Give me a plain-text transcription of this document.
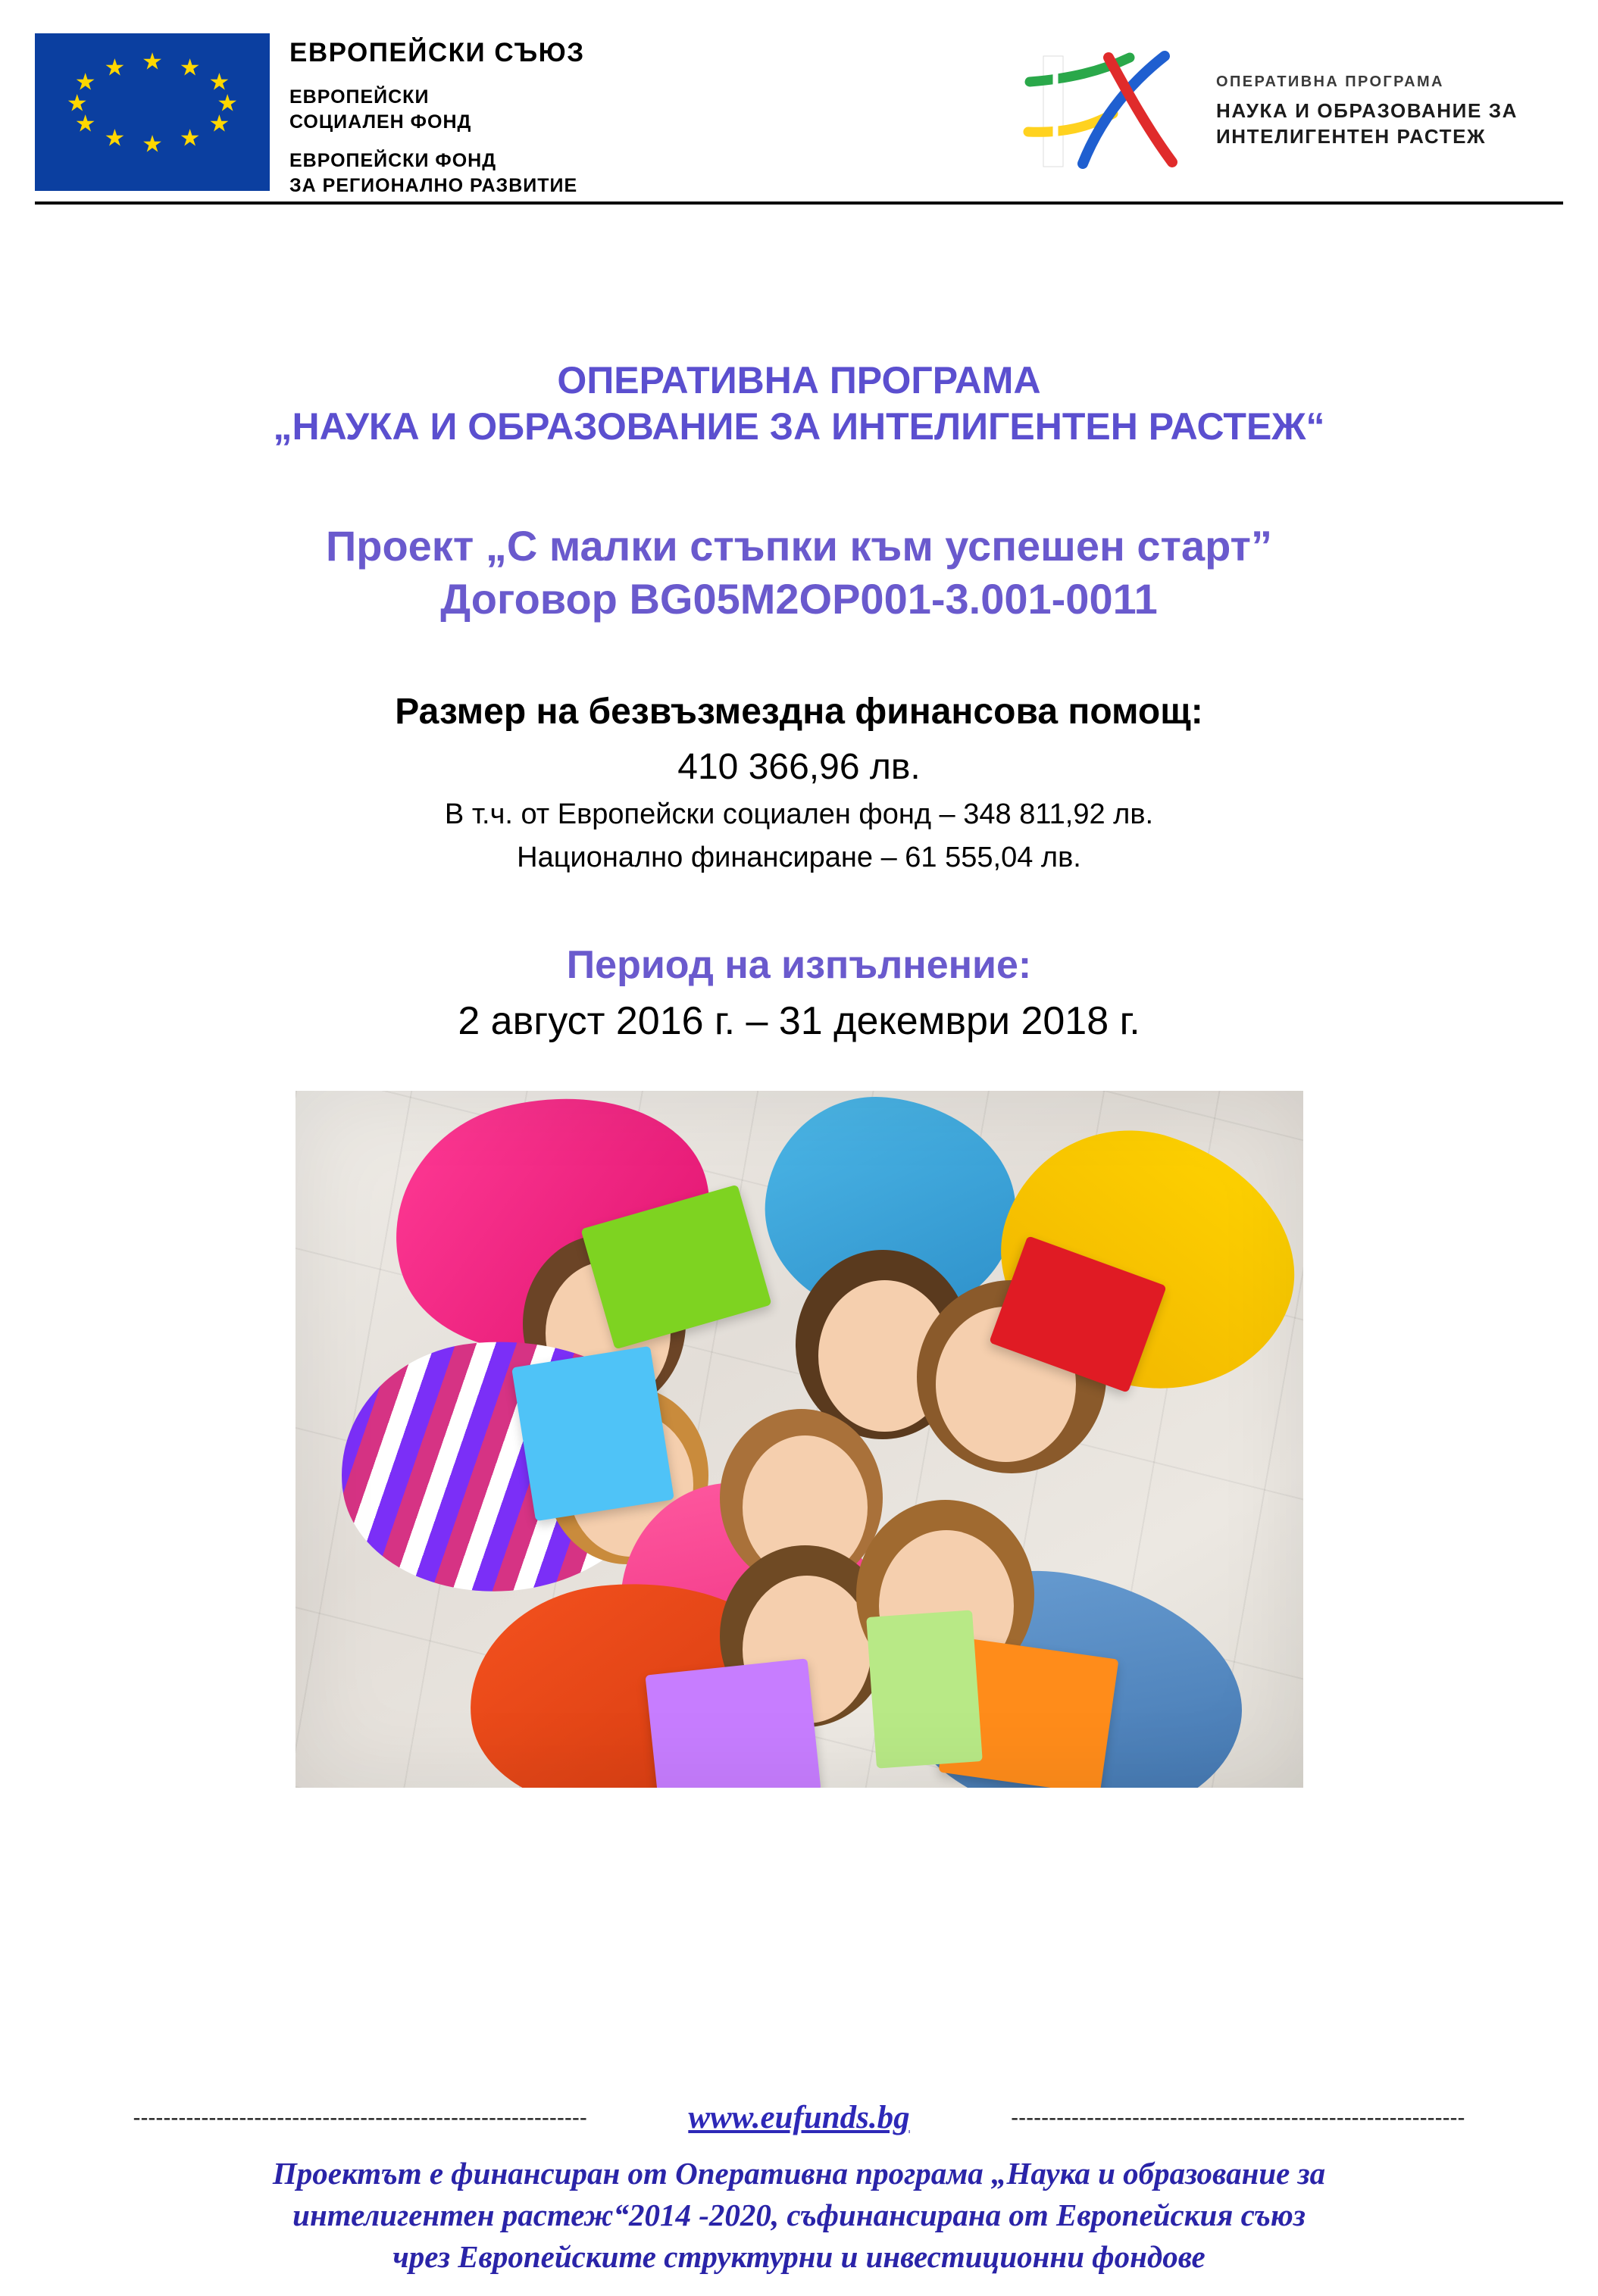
★ ★
★
★
★
★
★
★
★
★
★
★	ЕВРОПЕЙСКИ СЪЮЗ
ЕВРОПЕЙСКИ
СОЦИАЛЕН ФОНД
ЕВРОПЕЙСКИ ФОНД
ЗА РЕГИОНАЛНО РАЗВИТИЕ
ОПЕРАТИВНА ПРОГРАМА
НАУКА И ОБРАЗОВАНИЕ ЗА
ИНТЕЛИГЕНТЕН РАСТЕЖ
ОПЕРАТИВНА ПРОГРАМА
„НАУКА И ОБРАЗОВАНИЕ ЗА ИНТЕЛИГЕНТЕН РАСТЕЖ“
Проект „С малки стъпки към успешен старт”
Договор BG05M2OP001-3.001-0011
Размер на безвъзмездна финансова помощ:
410 366,96 лв.
В т.ч. от Европейски социален фонд – 348 811,92 лв.
Национално финансиране – 61 555,04 лв.
Период на изпълнение:
2 август 2016 г. – 31 декември 2018 г.
------------------------------------------------------------	www.eufunds.bg	------------------------------------------------------------
Проектът е финансиран от Оперативна програма „Наука и образование за
интелигентен растеж“2014 -2020, съфинансирана от Европейския съюз
чрез Европейските структурни и инвестиционни фондове
